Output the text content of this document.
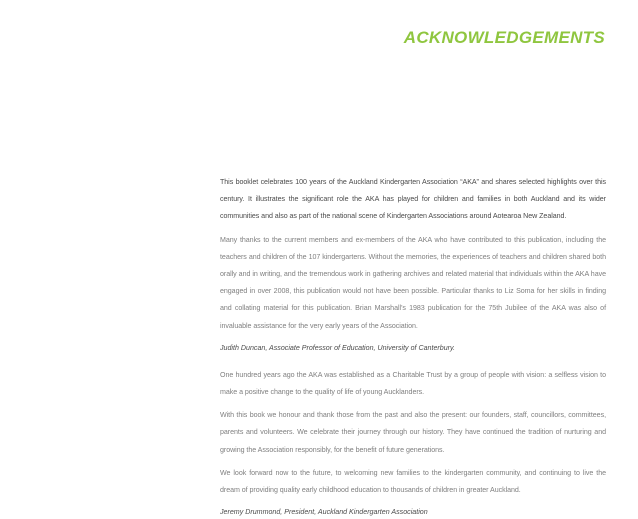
ACKNOWLEDGEMENTS

This booklet celebrates 100 years of the Auckland Kindergarten Association “AKA” and shares selected highlights over this century. It illustrates the significant role the AKA has played for children and families in both Auckland and its wider communities and also as part of the national scene of Kindergarten Associations around Aotearoa New Zealand.

Many thanks to the current members and ex-members of the AKA who have contributed to this publication, including the teachers and children of the 107 kindergartens. Without the memories, the experiences of teachers and children shared both orally and in writing, and the tremendous work in gathering archives and related material that individuals within the AKA have engaged in over 2008, this publication would not have been possible. Particular thanks to Liz Soma for her skills in finding and collating material for this publication. Brian Marshall’s 1983 publication for the 75th Jubilee of the AKA was also of invaluable assistance for the very early years of the Association.

Judith Duncan, Associate Professor of Education, University of Canterbury.

One hundred years ago the AKA was established as a Charitable Trust by a group of people with vision: a selfless vision to make a positive change to the quality of life of young Aucklanders.

With this book we honour and thank those from the past and also the present: our founders, staff, councillors, committees, parents and volunteers. We celebrate their journey through our history. They have continued the tradition of nurturing and growing the Association responsibly, for the benefit of future generations.

We look forward now to the future, to welcoming new families to the kindergarten community, and continuing to live the dream of providing quality early childhood education to thousands of children in greater Auckland.

Jeremy Drummond, President, Auckland Kindergarten Association
